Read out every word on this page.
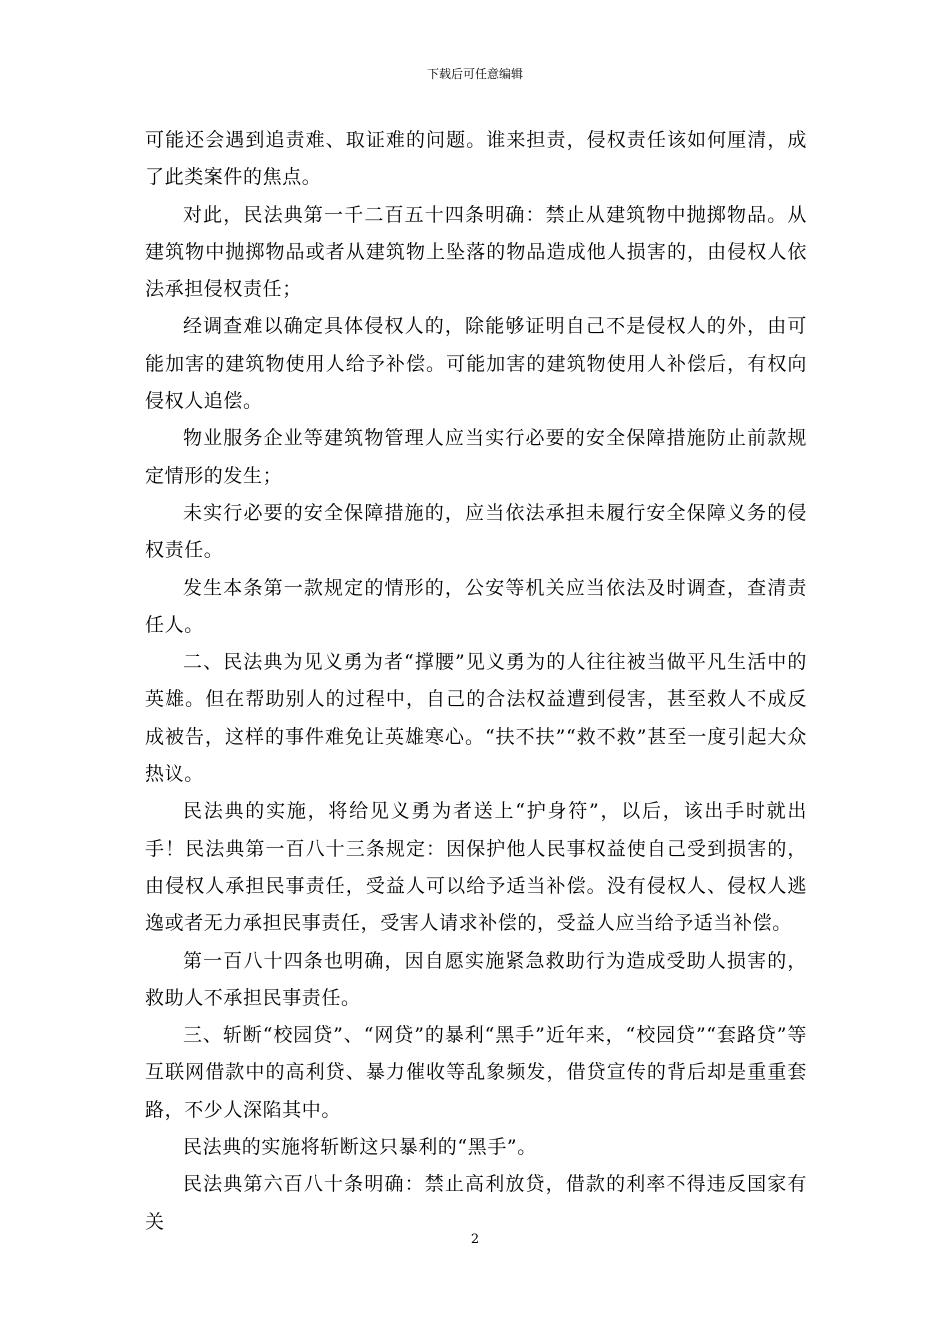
下载后可任意编辑

可能还会遇到追责难、取证难的问题。谁来担责，侵权责任该如何厘清，成了此类案件的焦点。

对此，民法典第一千二百五十四条明确：禁止从建筑物中抛掷物品。从建筑物中抛掷物品或者从建筑物上坠落的物品造成他人损害的，由侵权人依法承担侵权责任；

经调查难以确定具体侵权人的，除能够证明自己不是侵权人的外，由可能加害的建筑物使用人给予补偿。可能加害的建筑物使用人补偿后，有权向侵权人追偿。

物业服务企业等建筑物管理人应当实行必要的安全保障措施防止前款规定情形的发生；

未实行必要的安全保障措施的，应当依法承担未履行安全保障义务的侵权责任。

发生本条第一款规定的情形的，公安等机关应当依法及时调查，查清责任人。

二、民法典为见义勇为者“撑腰”见义勇为的人往往被当做平凡生活中的英雄。但在帮助别人的过程中，自己的合法权益遭到侵害，甚至救人不成反成被告，这样的事件难免让英雄寒心。“扶不扶”“救不救”甚至一度引起大众热议。

民法典的实施，将给见义勇为者送上“护身符”，以后，该出手时就出手！民法典第一百八十三条规定：因保护他人民事权益使自己受到损害的，由侵权人承担民事责任，受益人可以给予适当补偿。没有侵权人、侵权人逃逸或者无力承担民事责任，受害人请求补偿的，受益人应当给予适当补偿。

第一百八十四条也明确，因自愿实施紧急救助行为造成受助人损害的，救助人不承担民事责任。

三、斩断“校园贷”、“网贷”的暴利“黑手”近年来，“校园贷”“套路贷”等互联网借款中的高利贷、暴力催收等乱象频发，借贷宣传的背后却是重重套路，不少人深陷其中。

民法典的实施将斩断这只暴利的“黑手”。

民法典第六百八十条明确：禁止高利放贷，借款的利率不得违反国家有关

2
